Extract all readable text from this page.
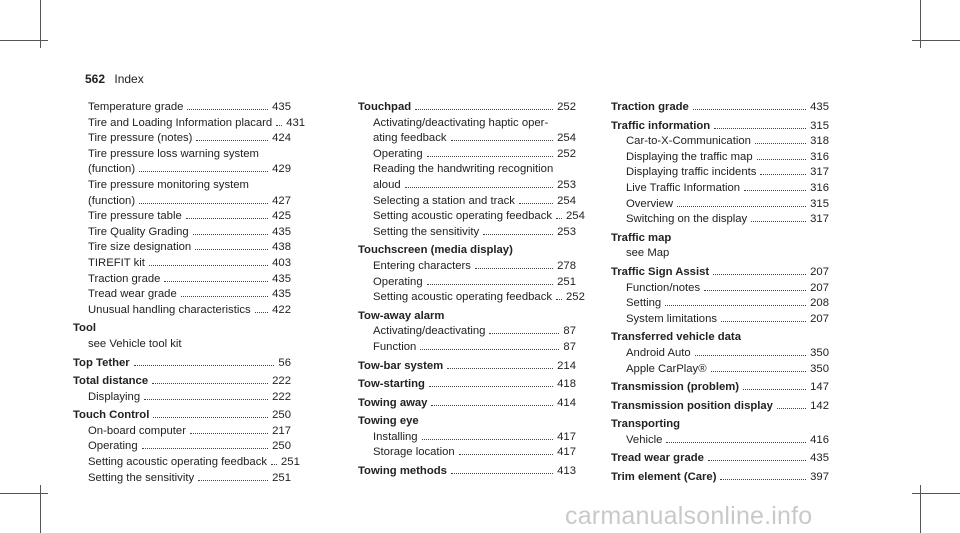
562 Index
Temperature grade	435
Tire and Loading Information placard 431
Tire pressure (notes)	424
Tire pressure loss warning system
(function)	429
Tire pressure monitoring system
(function)	427
Tire pressure table	425
Tire Quality Grading	435
Tire size designation	438
TIREFIT kit	403
Traction grade	435
Tread wear grade	435
Unusual handling characteristics 422
Tool
see Vehicle tool kit
Top Tether	56
Total distance	222
Displaying	222
Touch Control	250
On-board computer	217
Operating	250
Setting acoustic operating feedback 251
Setting the sensitivity	251
Touchpad	252
Activating/deactivating haptic oper-
ating feedback	254
Operating	252
Reading the handwriting recognition
aloud	253
Selecting a station and track	254
Setting acoustic operating feedback 254
Setting the sensitivity	253
Touchscreen (media display)
Entering characters	278
Operating	251
Setting acoustic operating feedback 252
Tow-away alarm
Activating/deactivating	87
Function	87
Tow-bar system	214
Tow-starting	418
Towing away	414
Towing eye
Installing	417
Storage location	417
Towing methods	413
Traction grade	435
Traffic information	315
Car-to-X-Communication	318
Displaying the traffic map	316
Displaying traffic incidents	317
Live Traffic Information	316
Overview	315
Switching on the display	317
Traffic map
see Map
Traffic Sign Assist	207
Function/notes	207
Setting	208
System limitations	207
Transferred vehicle data
Android Auto	350
Apple CarPlay®	350
Transmission (problem)	147
Transmission position display	142
Transporting
Vehicle	416
Tread wear grade	435
Trim element (Care)	397
carmanualsonline.info
